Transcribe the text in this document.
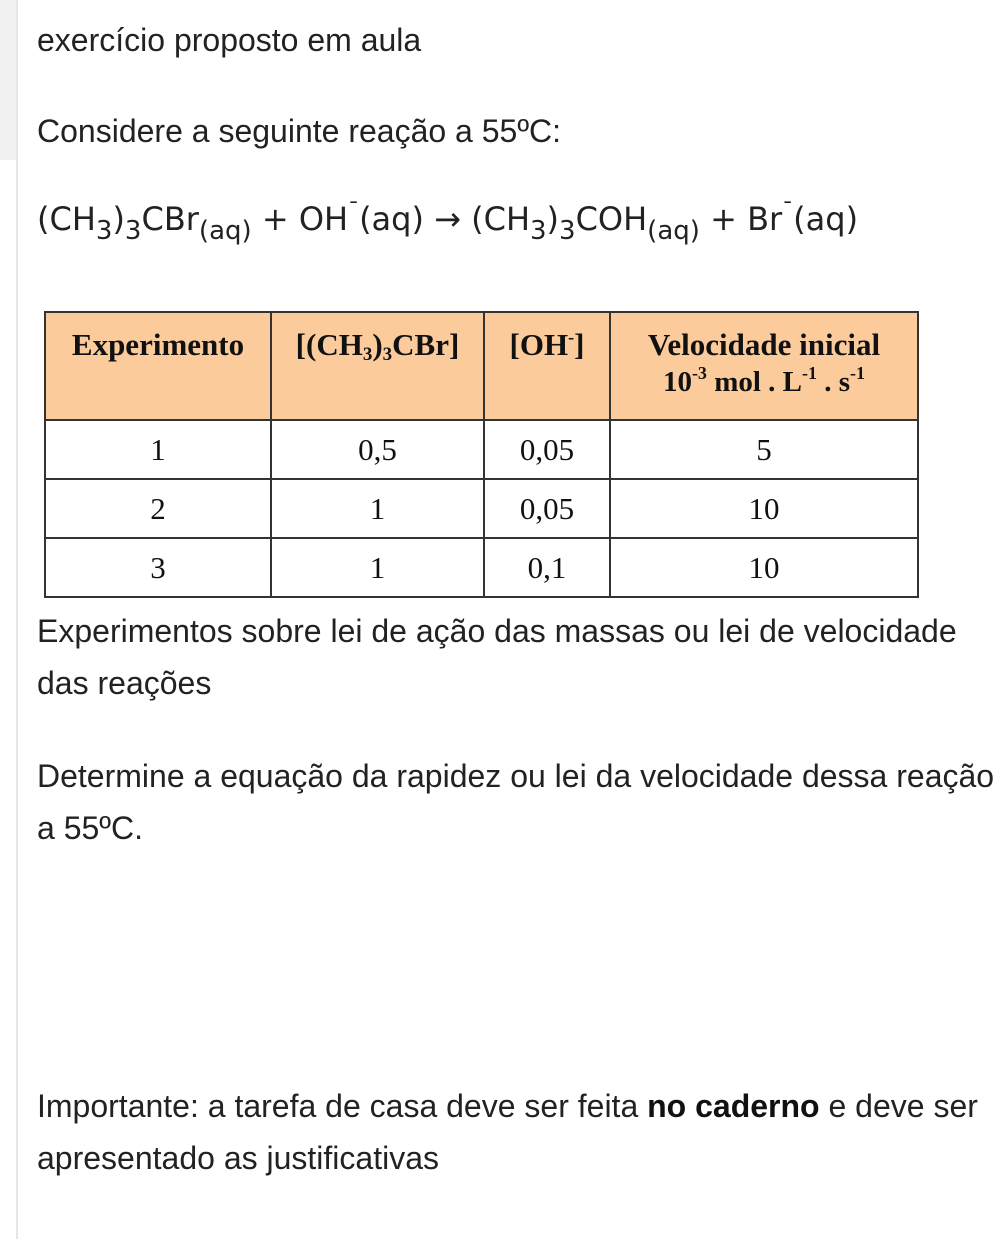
exercício proposto em aula

Considere a seguinte reação a 55ºC:

$(CH_3)_3CBr_{(aq)} + OH^¯(aq) \to (CH_3)_3COH_{(aq)} + Br^¯(aq)$
Experimento	$[(CH_3)_3CBr]$	[OH-]	Velocidade inicial
$10^{-3}$ mol . $L^{-1}$ . $s^{-1}$

1	0,5	0,05	5
2	1	0,05	10
3	1	0,1	10

Experimentos sobre lei de ação das massas ou lei de velocidade das reações

Determine a equação da rapidez ou lei da velocidade dessa reação a 55ºC.

Importante: a tarefa de casa deve ser feita no caderno e deve ser apresentado as justificativas
